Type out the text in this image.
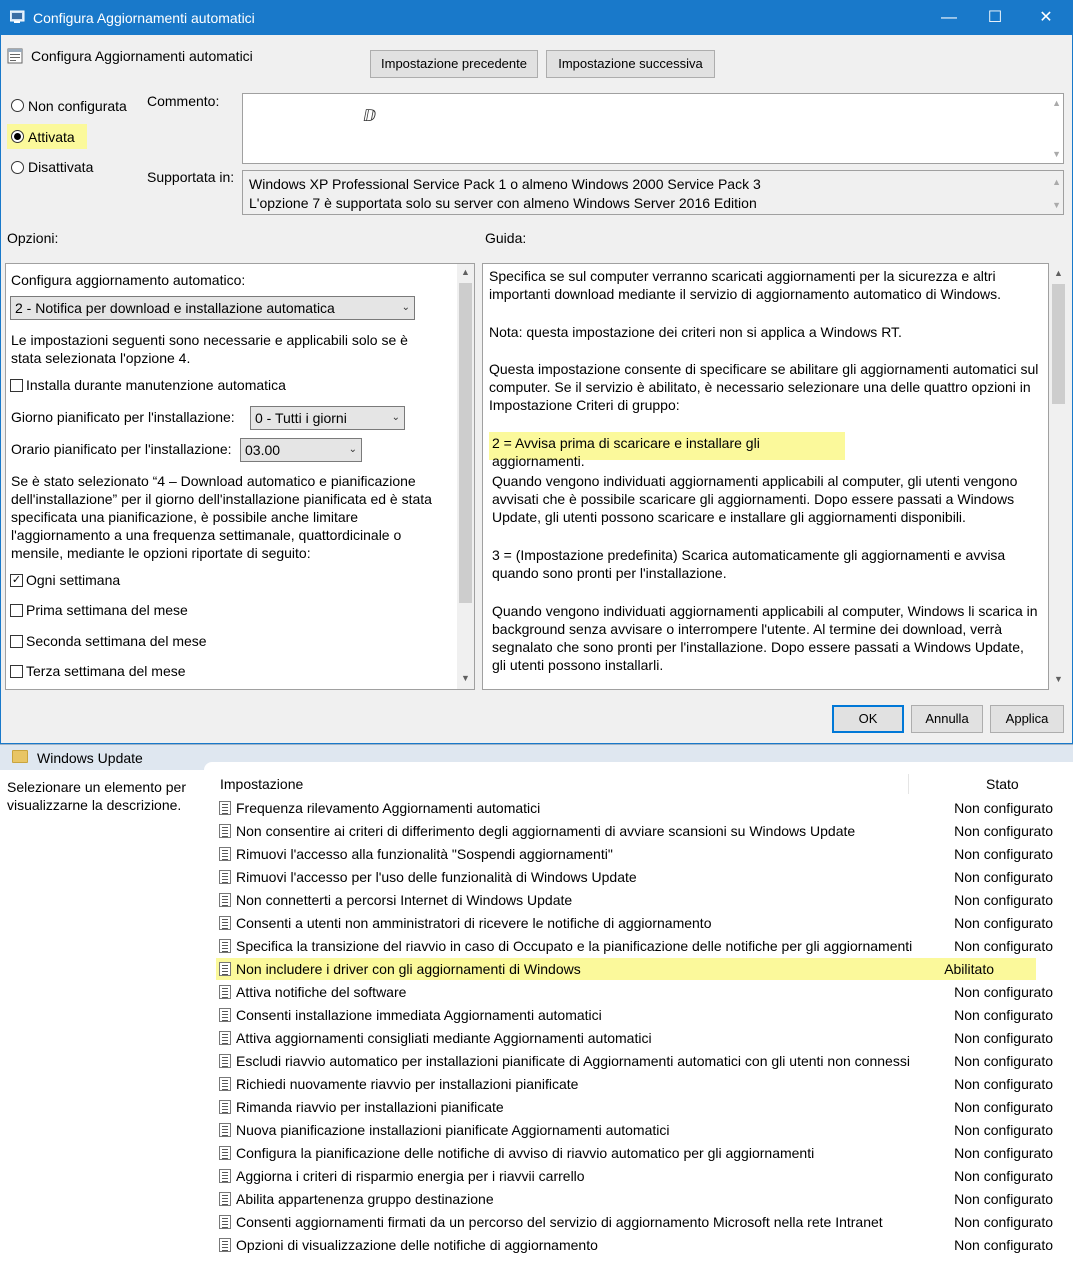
Configura Aggiornamenti automatici	—	☐	✕
Configura Aggiornamenti automatici	Impostazione precedente	Impostazione successiva
Non configurata
Attivata
Disattivata
Commento:
ⅅ
▲
▼
Supportata in: Windows XP Professional Service Pack 1 o almeno Windows 2000 Service Pack 3
L'opzione 7 è supportata solo su server con almeno Windows Server 2016 Edition
▲
▼
Opzioni:	Guida:
Configura aggiornamento automatico:
2 - Notifica per download e installazione automatica	⌄
Le impostazioni seguenti sono necessarie e applicabili solo se è stata selezionata l'opzione 4.
Installa durante manutenzione automatica
Giorno pianificato per l'installazione:	0 - Tutti i giorni	⌄
Orario pianificato per l'installazione: 03.00	⌄
Se è stato selezionato “4 – Download automatico e pianificazione dell'installazione” per il giorno dell'installazione pianificata ed è stata specificata una pianificazione, è possibile anche limitare l'aggiornamento a una frequenza settimanale, quattordicinale o mensile, mediante le opzioni riportate di seguito:
✓ Ogni settimana
Prima settimana del mese
Seconda settimana del mese
Terza settimana del mese
▲
▼
Specifica se sul computer verranno scaricati aggiornamenti per la sicurezza e altri importanti download mediante il servizio di aggiornamento automatico di Windows.
Nota: questa impostazione dei criteri non si applica a Windows RT.
Questa impostazione consente di specificare se abilitare gli aggiornamenti automatici sul computer. Se il servizio è abilitato, è necessario selezionare una delle quattro opzioni in Impostazione Criteri di gruppo:
2 = Avvisa prima di scaricare e installare gli aggiornamenti.
Quando vengono individuati aggiornamenti applicabili al computer, gli utenti vengono avvisati che è possibile scaricare gli aggiornamenti. Dopo essere passati a Windows Update, gli utenti possono scaricare e installare gli aggiornamenti disponibili.
3 = (Impostazione predefinita) Scarica automaticamente gli aggiornamenti e avvisa quando sono pronti per l'installazione.
Quando vengono individuati aggiornamenti applicabili al computer, Windows li scarica in background senza avvisare o interrompere l'utente. Al termine dei download, verrà segnalato che sono pronti per l'installazione. Dopo essere passati a Windows Update, gli utenti possono installarli.
▲
▼
OK	Annulla	Applica
Windows Update
Selezionare un elemento per visualizzarne la descrizione.
Impostazione	Stato
Frequenza rilevamento Aggiornamenti automatici	Non configurato
Non consentire ai criteri di differimento degli aggiornamenti di avviare scansioni su Windows Update	Non configurato
Rimuovi l'accesso alla funzionalità "Sospendi aggiornamenti"	Non configurato
Rimuovi l'accesso per l'uso delle funzionalità di Windows Update	Non configurato
Non connetterti a percorsi Internet di Windows Update	Non configurato
Consenti a utenti non amministratori di ricevere le notifiche di aggiornamento	Non configurato
Specifica la transizione del riavvio in caso di Occupato e la pianificazione delle notifiche per gli aggiornamenti	Non configurato
Non includere i driver con gli aggiornamenti di Windows	Abilitato
Attiva notifiche del software	Non configurato
Consenti installazione immediata Aggiornamenti automatici	Non configurato
Attiva aggiornamenti consigliati mediante Aggiornamenti automatici	Non configurato
Escludi riavvio automatico per installazioni pianificate di Aggiornamenti automatici con gli utenti non connessi	Non configurato
Richiedi nuovamente riavvio per installazioni pianificate	Non configurato
Rimanda riavvio per installazioni pianificate	Non configurato
Nuova pianificazione installazioni pianificate Aggiornamenti automatici	Non configurato
Configura la pianificazione delle notifiche di avviso di riavvio automatico per gli aggiornamenti	Non configurato
Aggiorna i criteri di risparmio energia per i riavvii carrello	Non configurato
Abilita appartenenza gruppo destinazione	Non configurato
Consenti aggiornamenti firmati da un percorso del servizio di aggiornamento Microsoft nella rete Intranet	Non configurato
Opzioni di visualizzazione delle notifiche di aggiornamento	Non configurato
